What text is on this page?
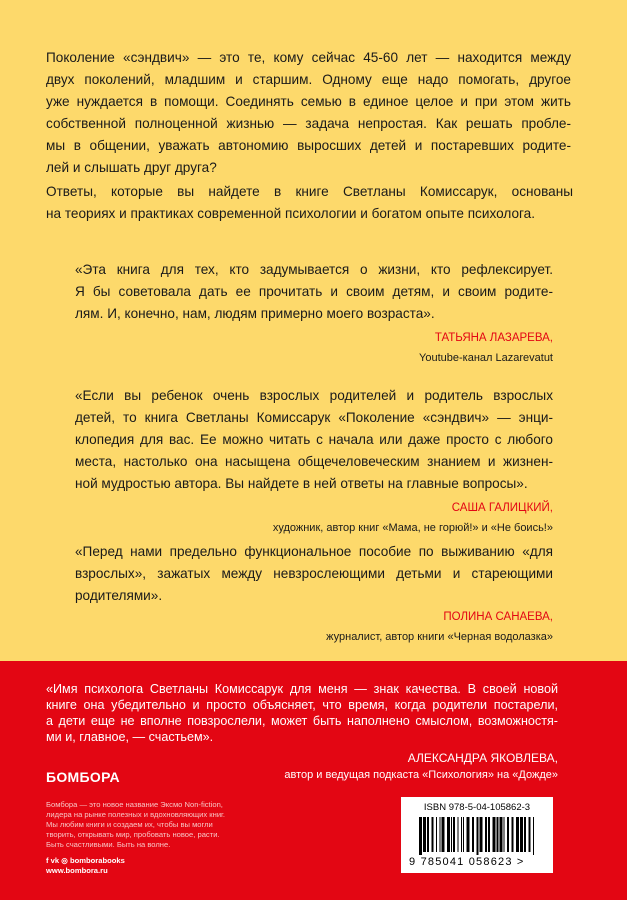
Поколение «сэндвич» — это те, кому сейчас 45-60 лет — находится между
двух поколений, младшим и старшим. Одному еще надо помогать, другое
уже нуждается в помощи. Соединять семью в единое целое и при этом жить
собственной полноценной жизнью — задача непростая. Как решать пробле-
мы в общении, уважать автономию выросших детей и постаревших родите-
лей и слышать друг друга?
Ответы, которые вы найдете в книге Светланы Комиссарук, основаны
на теориях и практиках современной психологии и богатом опыте психолога.
«Эта книга для тех, кто задумывается о жизни, кто рефлексирует.
Я бы советовала дать ее прочитать и своим детям, и своим родите-
лям. И, конечно, нам, людям примерно моего возраста».
ТАТЬЯНА ЛАЗАРЕВА,
Youtube-канал Lazarevatut
«Если вы ребенок очень взрослых родителей и родитель взрослых
детей, то книга Светланы Комиссарук «Поколение «сэндвич» — энци-
клопедия для вас. Ее можно читать с начала или даже просто с любого
места, настолько она насыщена общечеловеческим знанием и жизнен-
ной мудростью автора. Вы найдете в ней ответы на главные вопросы».
САША ГАЛИЦКИЙ,
художник, автор книг «Мама, не горюй!» и «Не боись!»
«Перед нами предельно функциональное пособие по выживанию «для
взрослых», зажатых между невзрослеющими детьми и стареющими
родителями».
ПОЛИНА САНАЕВА,
журналист, автор книги «Черная водолазка»
«Имя психолога Светланы Комиссарук для меня — знак качества. В своей новой
книге она убедительно и просто объясняет, что время, когда родители постарели,
а дети еще не вполне повзрослели, может быть наполнено смыслом, возможностя-
ми и, главное, — счастьем».
АЛЕКСАНДРА ЯКОВЛЕВА,
автор и ведущая подкаста «Психология» на «Дожде»
БОМБОРА
Бомбора — это новое название Эксмо Non-fiction,
лидера на рынке полезных и вдохновляющих книг.
Мы любим книги и создаем их, чтобы вы могли
творить, открывать мир, пробовать новое, расти.
Быть счастливыми. Быть на волне.
f vk ◎ bomborabooks
www.bombora.ru
ISBN 978-5-04-105862-3
9 785041 058623 >
